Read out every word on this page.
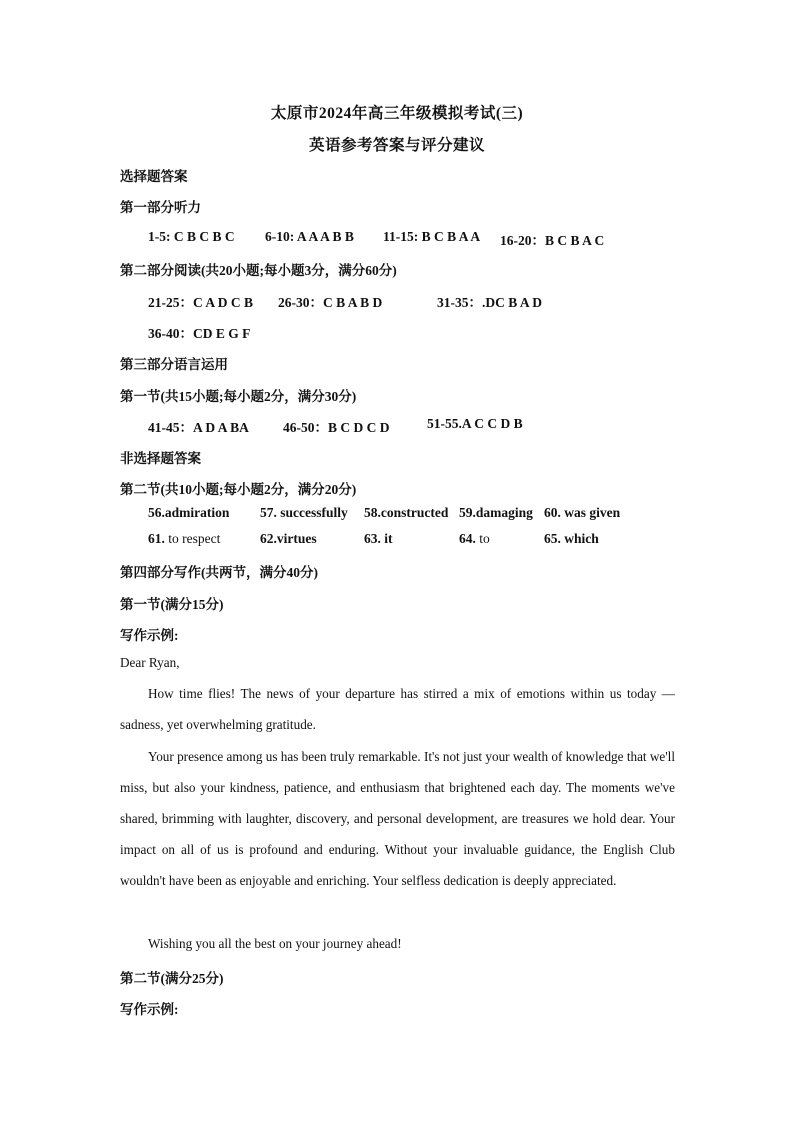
太原市2024年高三年级模拟考试(三)
英语参考答案与评分建议
选择题答案
第一部分听力
1-5: C B C B C 6-10: A A A B B 11-15: B C B A A 16-20：B C B A C
第二部分阅读(共20小题;每小题3分，满分60分)
21-25：C A D C B 26-30：C B A B D	31-35：.DC B A D
36-40：CD E G F
第三部分语言运用
第一节(共15小题;每小题2分，满分30分)
41-45：A D A BA	46-50：B C D C D	51-55.A C C D B
非选择题答案
第二节(共10小题;每小题2分，满分20分)
56.admiration 57. successfully 58.constructed 59.damaging 60. was given
61. to respect	62.virtues	63. it	64. to	65. which
第四部分写作(共两节，满分40分)
第一节(满分15分)
写作示例:
Dear Ryan,
How time flies! The news of your departure has stirred a mix of emotions within us today —sadness, yet overwhelming gratitude.
Your presence among us has been truly remarkable. It's not just your wealth of knowledge that we'll miss, but also your kindness, patience, and enthusiasm that brightened each day. The moments we've shared, brimming with laughter, discovery, and personal development, are treasures we hold dear. Your impact on all of us is profound and enduring. Without your invaluable guidance, the English Club wouldn't have been as enjoyable and enriching. Your selfless dedication is deeply appreciated.
Wishing you all the best on your journey ahead!
第二节(满分25分)
写作示例:
